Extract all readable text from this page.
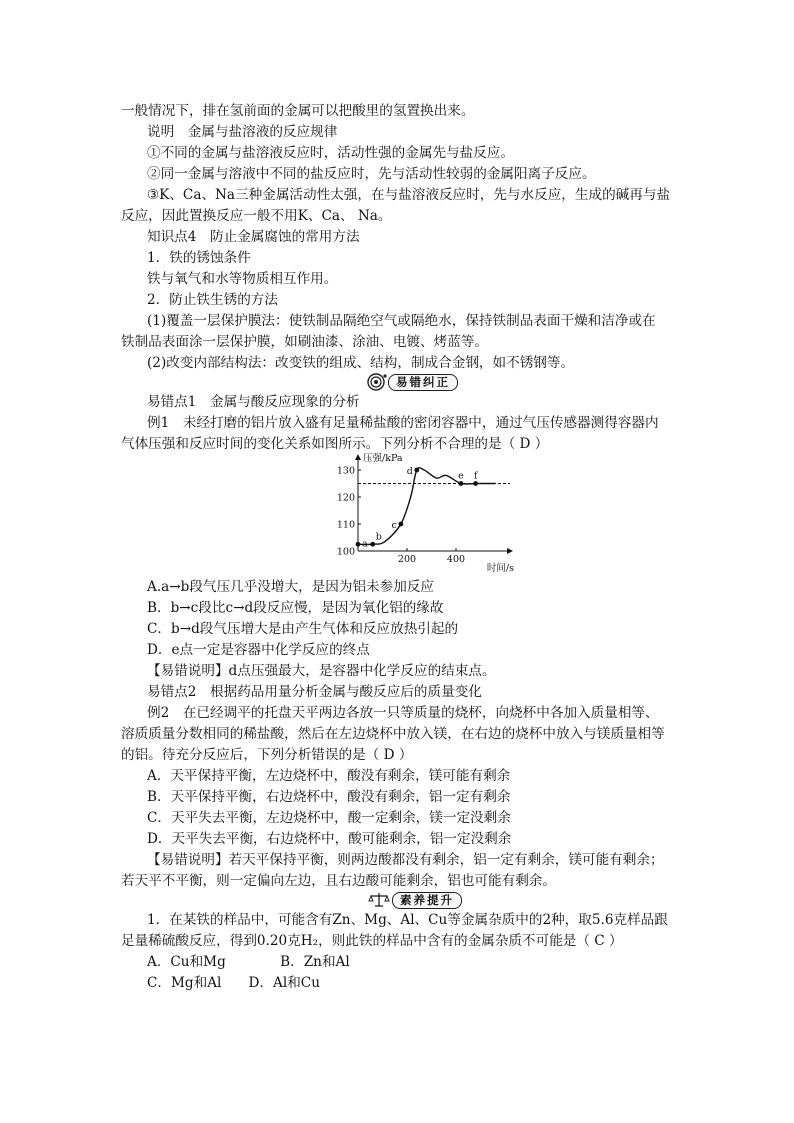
一般情况下，排在氢前面的金属可以把酸里的氢置换出来。
说明　金属与盐溶液的反应规律
①不同的金属与盐溶液反应时，活动性强的金属先与盐反应。
②同一金属与溶液中不同的盐反应时，先与活动性较弱的金属阳离子反应。
③K、Ca、Na三种金属活动性太强，在与盐溶液反应时，先与水反应，生成的碱再与盐
反应，因此置换反应一般不用K、Ca、 Na。
知识点4　防止金属腐蚀的常用方法
1．铁的锈蚀条件
铁与氧气和水等物质相互作用。
2．防止铁生锈的方法
(1)覆盖一层保护膜法：使铁制品隔绝空气或隔绝水，保持铁制品表面干燥和洁净或在
铁制品表面涂一层保护膜，如刷油漆、涂油、电镀、烤蓝等。
(2)改变内部结构法：改变铁的组成、结构，制成合金钢，如不锈钢等。
易错纠正
易错点1　金属与酸反应现象的分析
例1　未经打磨的铝片放入盛有足量稀盐酸的密闭容器中，通过气压传感器测得容器内
气体压强和反应时间的变化关系如图所示。下列分析不合理的是（ D ）
100
110
120
130
200	400
压强/kPa
时间/s
a
b
c
d	e f
A.a→b段气压几乎没增大，是因为铝未参加反应
B．b→c段比c→d段反应慢，是因为氧化铝的缘故
C．b→d段气压增大是由产生气体和反应放热引起的
D．e点一定是容器中化学反应的终点
【易错说明】d点压强最大，是容器中化学反应的结束点。
易错点2　根据药品用量分析金属与酸反应后的质量变化
例2　在已经调平的托盘天平两边各放一只等质量的烧杯，向烧杯中各加入质量相等、
溶质质量分数相同的稀盐酸，然后在左边烧杯中放入镁，在右边的烧杯中放入与镁质量相等
的铝。待充分反应后，下列分析错误的是（ D ）
A．天平保持平衡，左边烧杯中，酸没有剩余，镁可能有剩余
B．天平保持平衡，右边烧杯中，酸没有剩余，铝一定有剩余
C．天平失去平衡，左边烧杯中，酸一定剩余，镁一定没剩余
D．天平失去平衡，右边烧杯中，酸可能剩余，铝一定没剩余
【易错说明】若天平保持平衡，则两边酸都没有剩余，铝一定有剩余，镁可能有剩余；
若天平不平衡，则一定偏向左边，且右边酸可能剩余，铝也可能有剩余。
素养提升
1．在某铁的样品中，可能含有Zn、Mg、Al、Cu等金属杂质中的2种，取5.6克样品跟
足量稀硫酸反应，得到0.20克H₂，则此铁的样品中含有的金属杂质不可能是（ C ）
A．Cu和Mg　　　　B．Zn和Al
C．Mg和Al　　D．Al和Cu
